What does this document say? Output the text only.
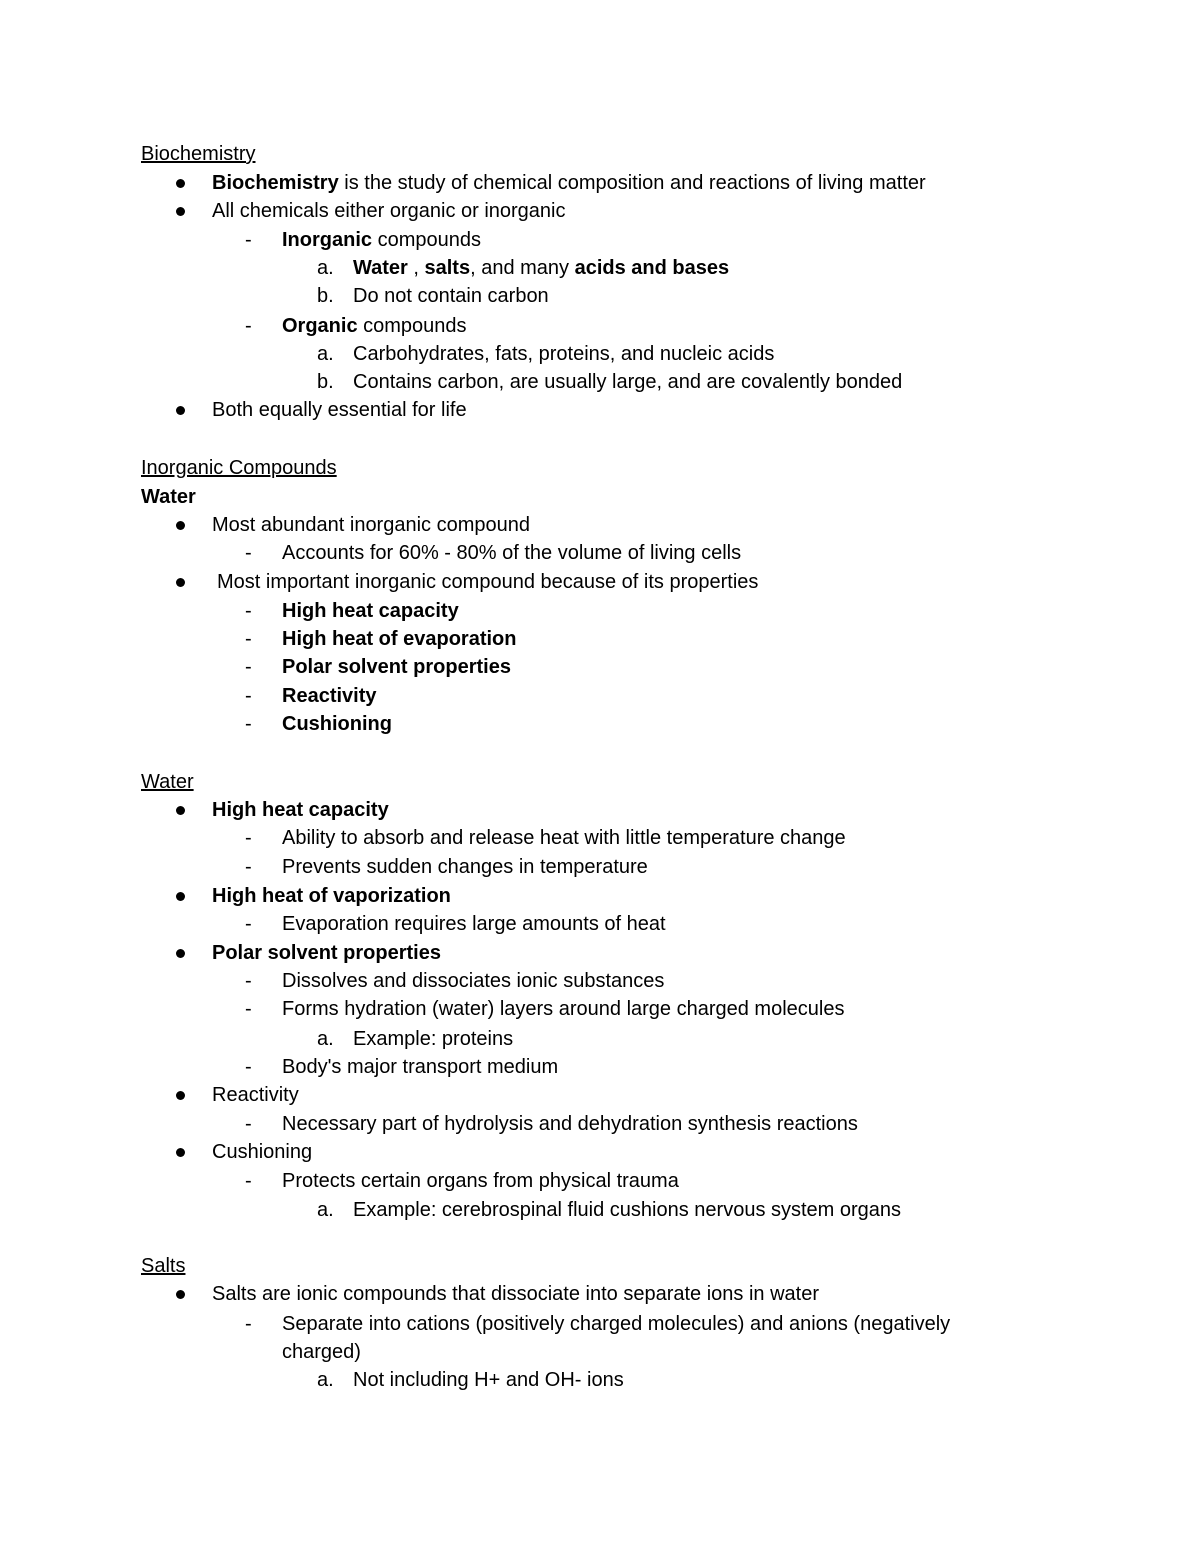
Biochemistry
Biochemistry is the study of chemical composition and reactions of living matter
All chemicals either organic or inorganic
- Inorganic compounds
a. Water , salts, and many acids and bases
b. Do not contain carbon
- Organic compounds
a. Carbohydrates, fats, proteins, and nucleic acids
b. Contains carbon, are usually large, and are covalently bonded
Both equally essential for life
Inorganic Compounds
Water
Most abundant inorganic compound
- Accounts for 60% - 80% of the volume of living cells
Most important inorganic compound because of its properties
- High heat capacity
- High heat of evaporation
- Polar solvent properties
- Reactivity
- Cushioning
Water
High heat capacity
- Ability to absorb and release heat with little temperature change
- Prevents sudden changes in temperature
High heat of vaporization
- Evaporation requires large amounts of heat
Polar solvent properties
- Dissolves and dissociates ionic substances
- Forms hydration (water) layers around large charged molecules
a. Example: proteins
- Body's major transport medium
Reactivity
- Necessary part of hydrolysis and dehydration synthesis reactions
Cushioning
- Protects certain organs from physical trauma
a. Example: cerebrospinal fluid cushions nervous system organs
Salts
Salts are ionic compounds that dissociate into separate ions in water
- Separate into cations (positively charged molecules) and anions (negatively
charged)
a. Not including H+ and OH- ions
